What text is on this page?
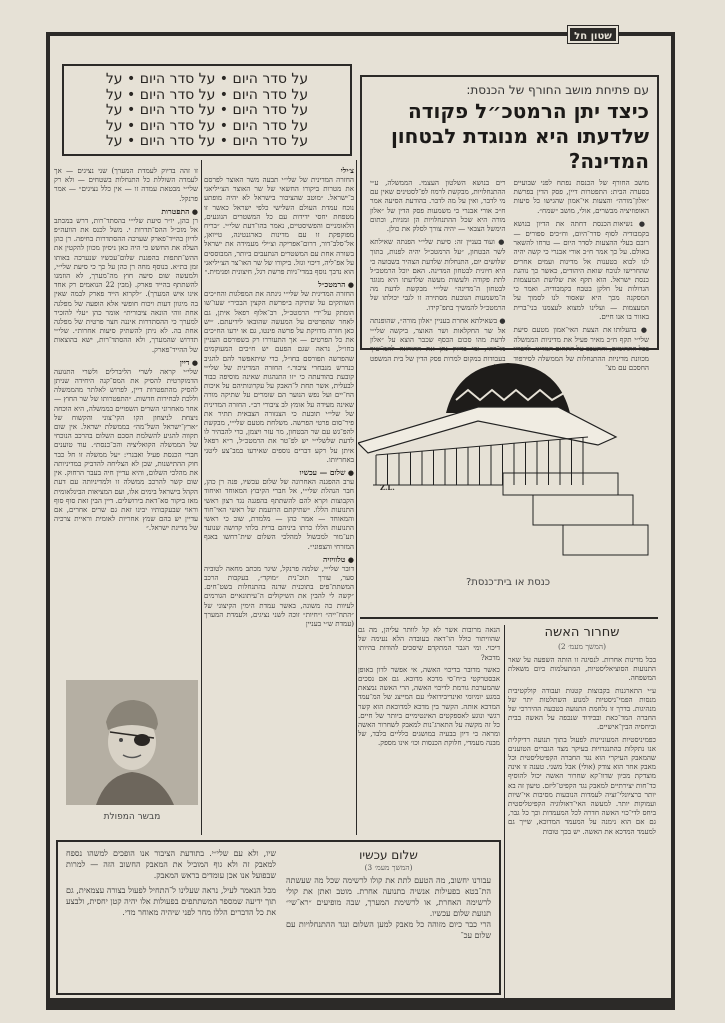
שטון חל
על סדר היום • על סדר היום • על
על סדר היום • על סדר היום • על
על סדר היום • על סדר היום • על
על סדר היום • על סדר היום • על
על סדר היום • על סדר היום • על
עם פתיחת מושב החורף של הכנסת:
כיצד יתן הרמטכ״ל פקודה שלדעתו היא מנוגדת לבטחון המדינה?
מושב החורף של הכנסת נפתח לפני שבועיים בסערה הבית: התפטרות דיין, פסק הדין בפרשת ״אלון־מורה״ והצעות אי־אמון שהגישו כל סיעות האופוזיציה מבשרים, אולי, מושב ״שמח״.
● נשיאות הכנסת דחתה את הדיון בנושא בקמבודיה לסוף סדר־היום, וח״כים ספורים — רובם בעלי ההצעות לסדר היום — טרחו להשאר באולם. על כך אמר ח״כ אורי אבנרי כי קשה יהיה לנו לבוא בטענות אל מדינות ועמים אחרים שהחרישו לנוכח שואת היהודים, כאשר כך נוהגת כנסת ישראל. הוא תקף את שלושת המעצמות הגדולות על חלקן בטבח בקמבודיה. ואמר כי המסקנה מכך היא שאסור לנו לסמוך על המעצמות — ועלינו למצוא לעצמנו בני־ברית באזור בו אנו חיים.
● בהעלותו את הצעת האי־אמון מטעם סיעת שלי״י תקף ח״כ מאיר פעיל את מדיניות הממשלה בכל התחומים, והתעכב על התחום המדיני. לדבריו מכוונת מדיניות ההתנחלות של הממשלה לסירפוד החסכם עם מצ־
רים בנושא השלטון העצמי. הממשלה, ע״י ההתנחלויות, מבקשת לרמוז לפ־לסטינים שאין עם מי לדבר, ואין על מה לדבר. בהודעת הסיעה אמר ח״כ אורי אבנרי כי משמעות פסק הדין של ״אלון מורה היא שכל ההתנחלויות הן זמניות, וכתום הימשל הצבאי — יהיה צורך לסלק את כולן.
● ועוד בעניין זה: סיעת שלי״י הפנתה שאילתא לשר הבטחון, ״על הרמטכ״ל יהיה לפנות, בתוך שלושים יום, התנחלות שלדעת הצהיר בשבועה כי היא חיונית לבטחון המדינה. האם יוכל הרמטכ״ל לתת פקודה ולעשות מעשה שלדעתו היא מנוגד לבטחון ה־מדינה״ שלי״י מבקשת לדעת מה ה־משמעות הנובעת מסתירה זו לגבי יכולתו של הרמטכ״ל להמשיך בתפ־קידו.
● בשאילתא אחרת בעניין ״אלון מורה״, שהופנתה אל שר החקלאות ושר האוצר, ביקשה שלי״י לדעת מהו סכום הכסף שכבר הוצא על ״אלון מו־רה״, ומי בדיוק נתן את ההוראה להמ־שיך בעבודות במקום למרות פסק הדין של בית המשפט
Z.L.
כנסת או בית־כנסת?
שחרור האשה
(המשך מעמ׳ 2)
בכל מדינות אחרות. לנסיגה זו הותה השפעה על שאר התנועות הסוציאליסטיות, המתעלמות כיום משאלת המשפחה.
ע״י התארגנות בקבוצות קטנות ועבודה קולקטיבית מנסות הפמי־ניסטיות למנוע השתלטות יתר של מנהיגות. בדרך זו נלחמת התנועה בטבעה ההיררכי של החברה המד־כאת ובבידוד שנכפה על האשה בבית וביחסיה הבין־אישיים.
כפמיניסטיות המעוניינות לפעול בתוך תנועה רדיקלית אנו נתקלות בהתנגדויות בעיקר מצד הגברים הטוענים שהמאבק העיקרי הוא נגד החברה הקפיטליסטית וכל מאבק אחר הוא צודק (אולי) אבל משני. טענה זו אינה מוצדקת מכיון שדוו־קא שחרור האשה יכול להוסיף כד־חות יצירתיים למאבק נגד הקפיט־ליזם. טיעון זה בא יותר כרציונלי־זציה לעמדות הנובעות מסיבות אי־שיות ועמוקות יותר. למעשה האי־דאולוגיה הקפיטליסטית ביחס לדי־כוי האשה חדרה לכל המעמדות וכך כל גבר, גם אם הוא נימנה על המעמד המדוכא, שייך גם למעמד המדכא את האשה. יש בכך טובות
הנאה מרובות אשר לא קל לוותר עליהן, מה גם שהוויתור כולל הו־דאה בעובדה הלא נעימה של דיכוי. ומי הגבר המתקדם שיסכים להודות בהיותו מדכא?
כאשר מדובר בדיכוי האשה, אי אפשר לדון באופן אבסטרקטי ב״ח־סי מדכא מדוכא. גם אם נסכים שהמערכת גורמת לדיכוי האשה, הרי האשה נמצאת במגע יומיומי ואינדיבידואלי עם המייצג של המ־עמד המדכא אותה. הקשר בין מדכא למדוכאת הוא קשר רגשי ונוגע לאספקטים האינטימיים ביותר של חיים. כל זה מקשה על התארג־נות למאבק לשחרור האשה ומראה כי דיון בבעיה במושגים כלליים בלבד, של מבנה מעמדי, חלוקת הכנסות וכו׳ אינו מספק.
שלום עכשיו
(המשך מעמ׳ 3)
עבורנו יחשוב, מה הטעם לתת את קולו לרשימה שכל מה שעשתה הת־בטא בפעילות אנשיה בתנועה אחרת. מוטב ואתן את קולי לרשימה האחרת, או לרשימת המערך, שבה מופיעים ״רא־שי״ תנועת שלום עכשיו.
הרי כבר כיום מזוהה כל מאבק למען השלום ונגד ההתנחלויות עם שלום עכ־
שיו, ולא עם שלי״י. בתודעת הציבור אנו הופכים למשהו נספח למאבק זה ולא גוף המוביל את המאבק החשוב הזה — למרות שבפועל אנו אכן עומדים בראש המאבק.
מכל הנאמר לעיל, נראה שעלינו ל־התחיל לפעול בצורה עצמאית, גם תוך ידיעה שמספר המשתתפים בפעולות אלו יהיה קטן יחסית, ולבצע את כל הדברים הללו מחר לפני שיהיה מאוחר מדי.
צ׳ילי
החזרה המדינית של שלי״י תבעה משר האוצר לפרסם את מטרות ביקורו החשאי של שר האוצר הצ׳יליאני ב־ישראל. ״מוטב שהציבור בישראל לא יהיה מופתע נוכח עמדת העולם השלישי כלפי ישראל כאשר זו מטפחת יחסי ידידות עם כל המשטרים הנוגעים, הלאומניים והפשיסטיים, נאמר בהו־דעת שלי״י. ״בריח מפוקפקת זו עם מדינות כארגנטינה, טייואן, אל־סלב־דור, דרום־אפריקה וצ׳ילי מעמידה את ישראל בשורה אחת עם המשטרים הנתעבים ביותר, המבוססים על אפ־ליה, דיכוי וגזל. ביקורו של שר האו־צר הצ׳יליאני הוא נדבך נוסף במדי־ניות פרשת רגל, חיצונית ופנימית.״
● הרמטכ״ל
החזרה המדינית של שלי״י גינתה את המפלגות והח״כים השותקים על שתיקה ב״פרשת הקצין הבכיר״ שעו־שו הומתק על־ידי הרמטכ״ל, רב־אלוף רפאל איתן, גם לאחר שהפרטים על המעשה שהובאו לידיעתם. ״יש כאן חורה מדויקת על פרשה פינטו, גם או ירעו הח״כים את כל הפרטים — אך התעוררו רק בשפורסם העניין בחו״ל, נראה שגם הפעם יש ח״כים המעוקמים שהפרשה תפורסם בחו״ל, כדי שיתאפשר להם להגיב כנדרש מנבחרי ציבור.״ החזרה המדינית של שלי״י קובעת בהודעתה כי ״זו התנהגות שאינה מוסיפה כבוד לבעלית, אשר תחת ל־האבק על עקרונותיהם על איכות הח־יים ועל נפש הנוער הם שומרים על שתיקה מורה שאינה מעידה על אומץ לב ציבורי רב״. החזרה המדינית של שלי״י תובעת כי הצנזורה הצבאית תתיר את פיר־סום פרטי הפרשה. משלחת מטעם שלי״י, מבקשת להפ־גש עם שר הבטחון, מר עזר ויצמן, כדי להבהיר לו לדעת שלשלי״י יש לפ־טר את הרמטכ״ל, ר״א רפאל איתן על רקע דברים נוספים שאירעו במב־צע ליטני באחריותו.
● שלום — עכשיו
ערב ההפגנה האחרונה של שלום עכשיו, פנה רן כהן, חבר הנהלת שלי״י, אל חברי הקיבוץ המאוחד ואיחוד הקבוצות וקרא להם להשתתף בהפגנה נגד רצון ראשי התנועות הללו. ״שתיקתם הרועמת של ראשי האי־חוד והמאוחד — אמר כהן — מלמדת, שוב כי ראשי התנועות הללו כרתו ביניהם ברית בלתי קדושה שנועד תע־מור למכשול למהלכי השלום שית־רחשו באגף המזרחי והצפוני״.
● טלוויזיה
דובר שלי״י, שלמה פרנקל, שיגר מכתב מחאה לטוביה סער, עורך תוכ־נית ״מוקד״, בעקבות הרכב המשתת־פים בתוכנית שדנה בהתנחלות בשט־חים. ״קשה לי להבין את השיקולים ה־עיתונאיים הגורמים לעיוות כה משונה, באשר עמדת הימין הקיצוני של ״התח־ייה״ ו״חיות״ זוכה לשני נציגים, ולעמדת המערך (עמדת ש״י בעניין
זו זהה בדיוק לעמדת המערך) שני נציגים — אך לעמדה השוללת כל התנחלות בשטחים — ולא רק שלי״י מבטאת עמדה זו — אין כלל נציגים״ — אמר פרנקל.
● התפטרות
רן כהן, יו״ר סיעת שלי״י בהסתד־רות, דרש במכתב אל מזכ״ל ההס־תדרות י. משל לכנס את הוועה״פ לדיון בהייד־פארק שערכה ההסתדרות בחיפה. רן כהן העלה את החשש כי היה כאן ניסיון מכוון להקטין את ההש־תתפות בהפגנת שלום־עכשיו שנערכה באותו זמן בת״א. בנוסף מחה רן כהן על כך כי סיעת שלי״י, ולמעשה שום סיעה חוץ מה־מערך, לא הוזמנו להשתתף בהייד פארק. (מבין 22 הנואמים רק אחד אינו איש המערך). ״לקרוא הייד פארק לבמה שאין בה מיגוון דעות ויכוח חופשי אלא הופעה של מפלגה אחת זוהי הונאה ציבורית״ אומר כהן ״עלי להזכיר למערך כי ההסתדרות איננה חצר פרטית של מפלגה אחת בה. לא ניתן להשתיק סיעות אחרות״. שלי״י תדרוש שהמערך, ולא ההסתד־רות, ישא בהוצאות של ההייד־פארק.
● דיין
שלי״י קראה לשרי הליברלים ולשרי התנועה הדמוקרטית להסיק את המס־קנה היחידה שניתן להסיק מהתפטרות דיין, לפרוש לאלתר מהממשלה וללכת לבחירות חדשות. ״התפטרותו של שר החוץ — אחר מאחרוני השרים השפויים בממשלה, היא הוכחה ניצחת לניצחון הקו הקי־צוני והקשוח של ״ארץ־ישראל השל־מה״ בממשלת ישראל. אין שום תקווה להגיע להשלמת הסכם השלום בהרכב הנוכחי של הממשלה הקואליציה והכ־כנסת״. עוד טוענים חברי הכנסת פעיל ואבנרי: ״על ממשלה זו חל כבר חוק ההתישנות, שכן לא הצליחה להדביק במדיניותה את מהלכי השלום, והיא עדיין חיה בעבר הרחוק. אין שום קשר להרכב ממשלה זו ולמדיניותה עם דעת הקהל בישראל בימים אלו, ועם המציאות הבינלאומית מאז ביקור סא־דאת בירושלים. דיין הבין זאת סוף סוף וראוי שבעקבותיו יבינו זאת גם שרים אחרים, אם עדיין יש בהם שמץ אחריות לאומית וראיית צרכיה של מדינת ישראל.״
מבשר המפולת
